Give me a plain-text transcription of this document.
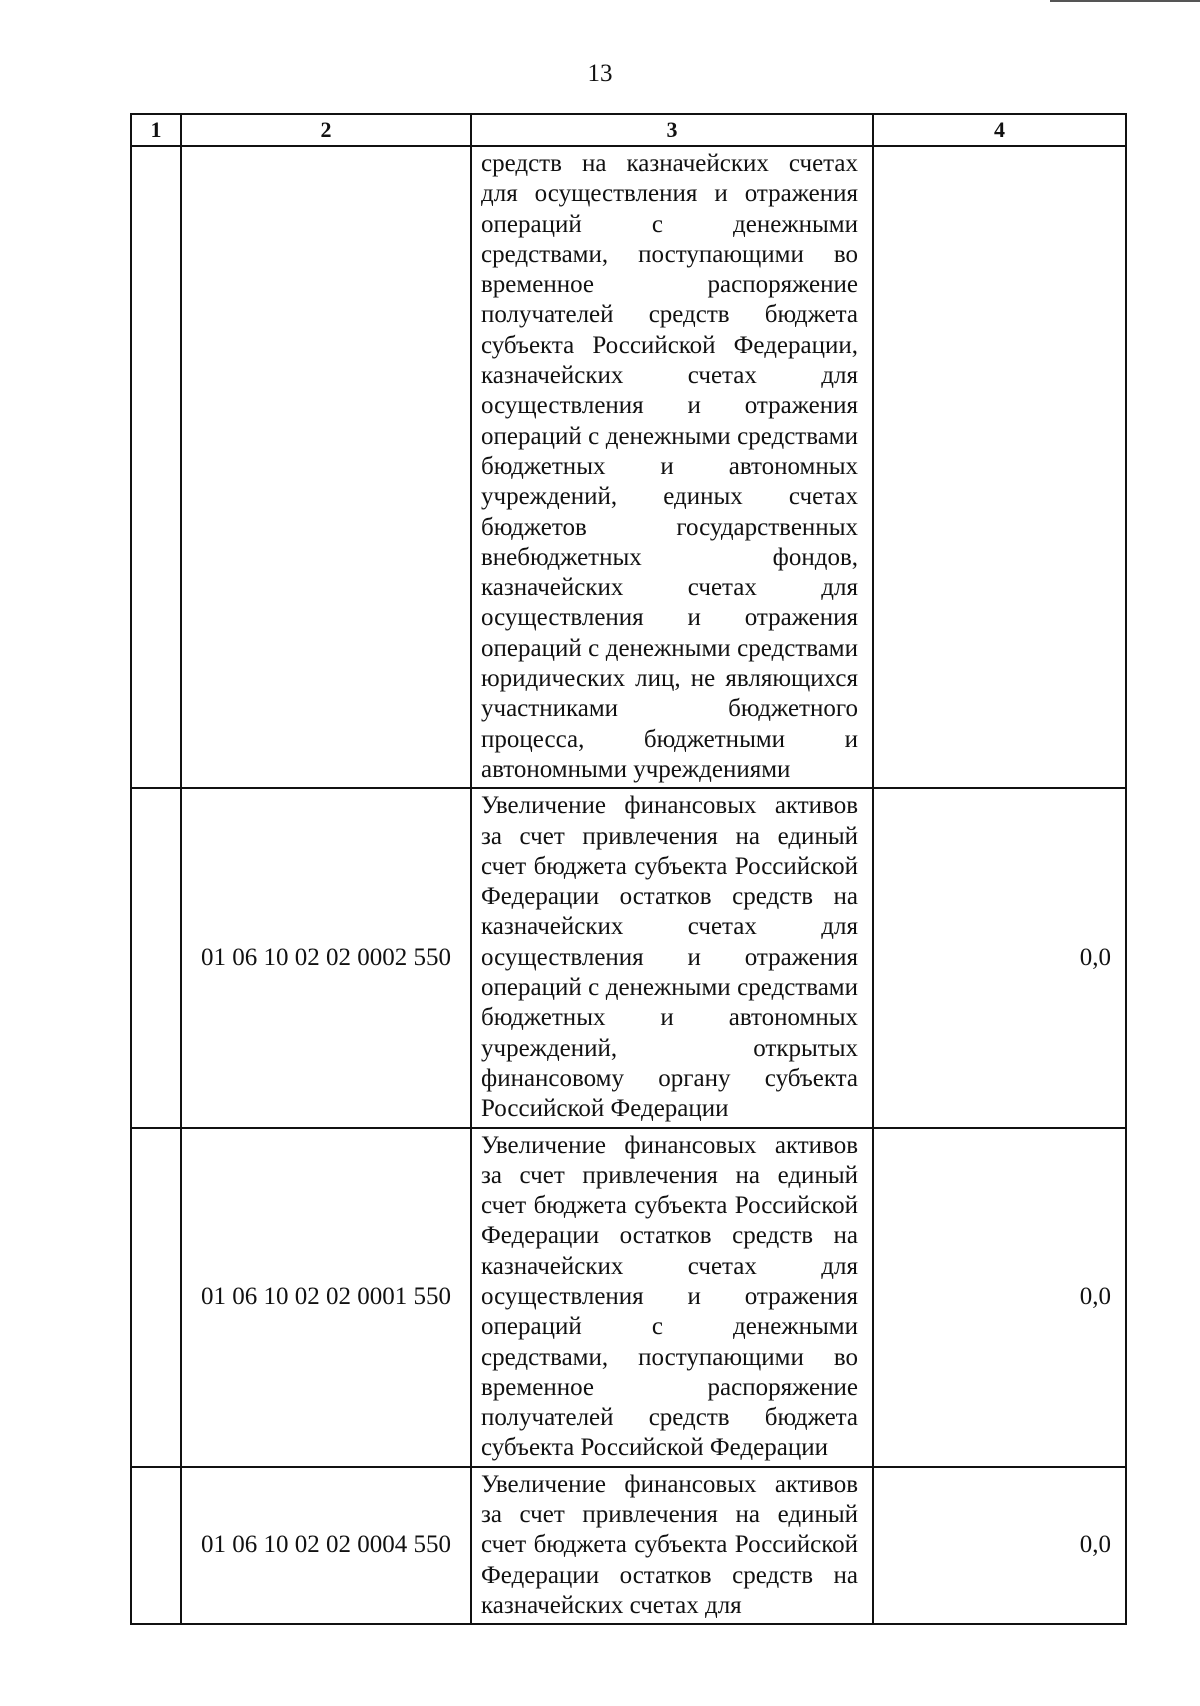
13
1	2	3	4

		средств на казначейских счетах для осуществления и отражения операций с денежными средствами, поступающими во временное распоряжение получателей средств бюджета субъекта Российской Федерации, казначейских счетах для осуществления и отражения операций с денежными средствами бюджетных и автономных учреждений, единых счетах бюджетов государственных внебюджетных фондов, казначейских счетах для осуществления и отражения операций с денежными средствами юридических лиц, не являющихся участниками бюджетного процесса, бюджетными и автономными учреждениями	

	01 06 10 02 02 0002 550	Увеличение финансовых активов за счет привлечения на единый счет бюджета субъекта Российской Федерации остатков средств на казначейских счетах для осуществления и отражения операций с денежными средствами бюджетных и автономных учреждений, открытых финансовому органу субъекта Российской Федерации	0,0
	01 06 10 02 02 0001 550	Увеличение финансовых активов за счет привлечения на единый счет бюджета субъекта Российской Федерации остатков средств на казначейских счетах для осуществления и отражения операций с денежными средствами, поступающими во временное распоряжение получателей средств бюджета субъекта Российской Федерации	0,0
	01 06 10 02 02 0004 550	Увеличение финансовых активов за счет привлечения на единый счет бюджета субъекта Российской Федерации остатков средств на казначейских счетах для	0,0
